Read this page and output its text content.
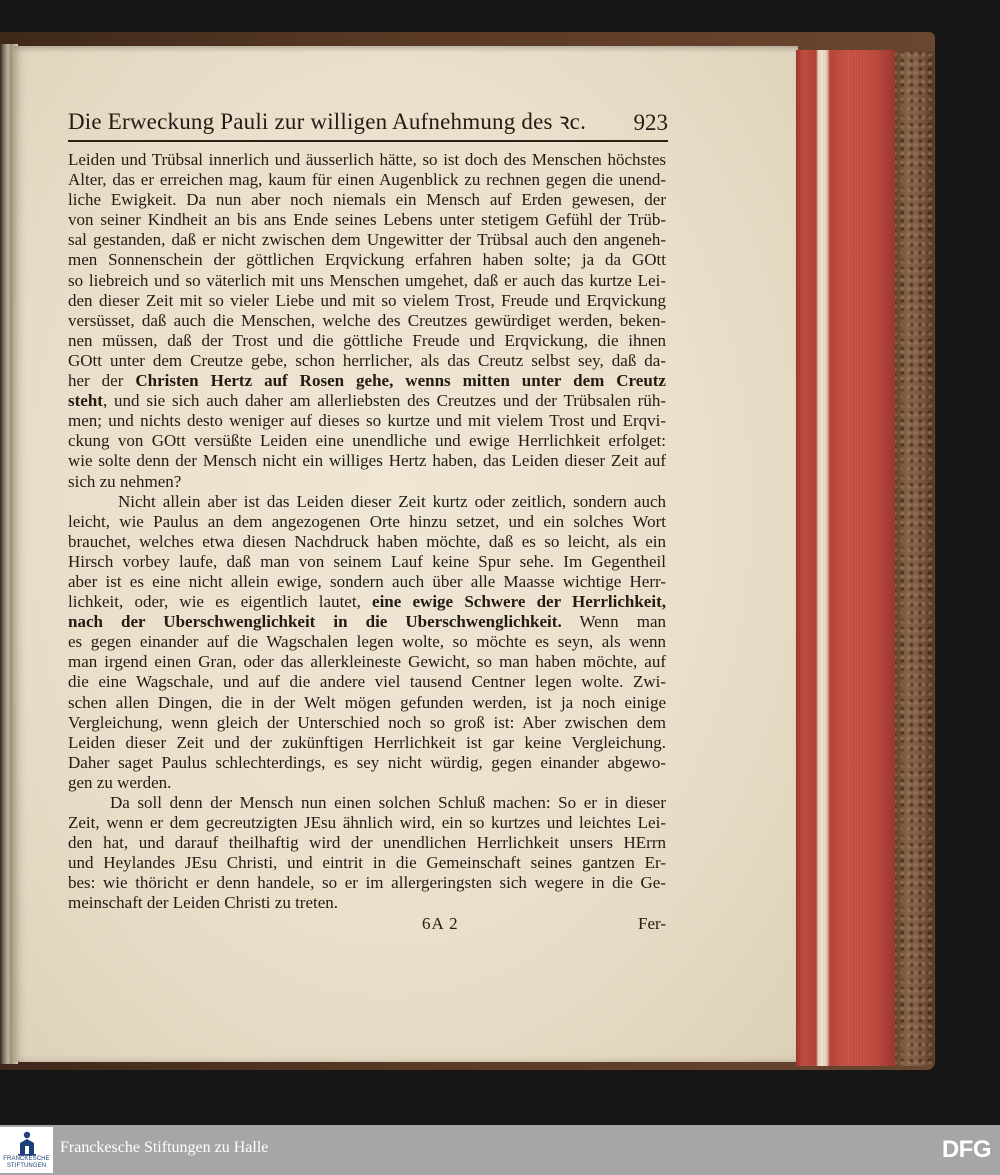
Die Erweckung Pauli zur willigen Aufnehmung des ꝛc. 923
Leiden und Trübsal innerlich und äusserlich hätte, so ist doch des Menschen höchstes
Alter, das er erreichen mag, kaum für einen Augenblick zu rechnen gegen die unend-
liche Ewigkeit. Da nun aber noch niemals ein Mensch auf Erden gewesen, der
von seiner Kindheit an bis ans Ende seines Lebens unter stetigem Gefühl der Trüb-
sal gestanden, daß er nicht zwischen dem Ungewitter der Trübsal auch den angeneh-
men Sonnenschein der göttlichen Erqvickung erfahren haben solte; ja da GOtt
so liebreich und so väterlich mit uns Menschen umgehet, daß er auch das kurtze Lei-
den dieser Zeit mit so vieler Liebe und mit so vielem Trost, Freude und Erqvickung
versüsset, daß auch die Menschen, welche des Creutzes gewürdiget werden, beken-
nen müssen, daß der Trost und die göttliche Freude und Erqvickung, die ihnen
GOtt unter dem Creutze gebe, schon herrlicher, als das Creutz selbst sey, daß da-
her der Christen Hertz auf Rosen gehe, wenns mitten unter dem Creutz
steht, und sie sich auch daher am allerliebsten des Creutzes und der Trübsalen rüh-
men; und nichts desto weniger auf dieses so kurtze und mit vielem Trost und Erqvi-
ckung von GOtt versüßte Leiden eine unendliche und ewige Herrlichkeit erfolget:
wie solte denn der Mensch nicht ein williges Hertz haben, das Leiden dieser Zeit auf
sich zu nehmen?
Nicht allein aber ist das Leiden dieser Zeit kurtz oder zeitlich, sondern auch
leicht, wie Paulus an dem angezogenen Orte hinzu setzet, und ein solches Wort
brauchet, welches etwa diesen Nachdruck haben möchte, daß es so leicht, als ein
Hirsch vorbey laufe, daß man von seinem Lauf keine Spur sehe. Im Gegentheil
aber ist es eine nicht allein ewige, sondern auch über alle Maasse wichtige Herr-
lichkeit, oder, wie es eigentlich lautet, eine ewige Schwere der Herrlichkeit,
nach der Uberschwenglichkeit in die Uberschwenglichkeit. Wenn man
es gegen einander auf die Wagschalen legen wolte, so möchte es seyn, als wenn
man irgend einen Gran, oder das allerkleineste Gewicht, so man haben möchte, auf
die eine Wagschale, und auf die andere viel tausend Centner legen wolte. Zwi-
schen allen Dingen, die in der Welt mögen gefunden werden, ist ja noch einige
Vergleichung, wenn gleich der Unterschied noch so groß ist: Aber zwischen dem
Leiden dieser Zeit und der zukünftigen Herrlichkeit ist gar keine Vergleichung.
Daher saget Paulus schlechterdings, es sey nicht würdig, gegen einander abgewo-
gen zu werden.
Da soll denn der Mensch nun einen solchen Schluß machen: So er in dieser
Zeit, wenn er dem gecreutzigten JEsu ähnlich wird, ein so kurtzes und leichtes Lei-
den hat, und darauf theilhaftig wird der unendlichen Herrlichkeit unsers HErrn
und Heylandes JEsu Christi, und eintrit in die Gemeinschaft seines gantzen Er-
bes: wie thöricht er denn handele, so er im allergeringsten sich wegere in die Ge-
meinschaft der Leiden Christi zu treten.
6A 2	Fer-
FRANCKESCHE
STIFTUNGEN
Franckesche Stiftungen zu Halle	DFG
